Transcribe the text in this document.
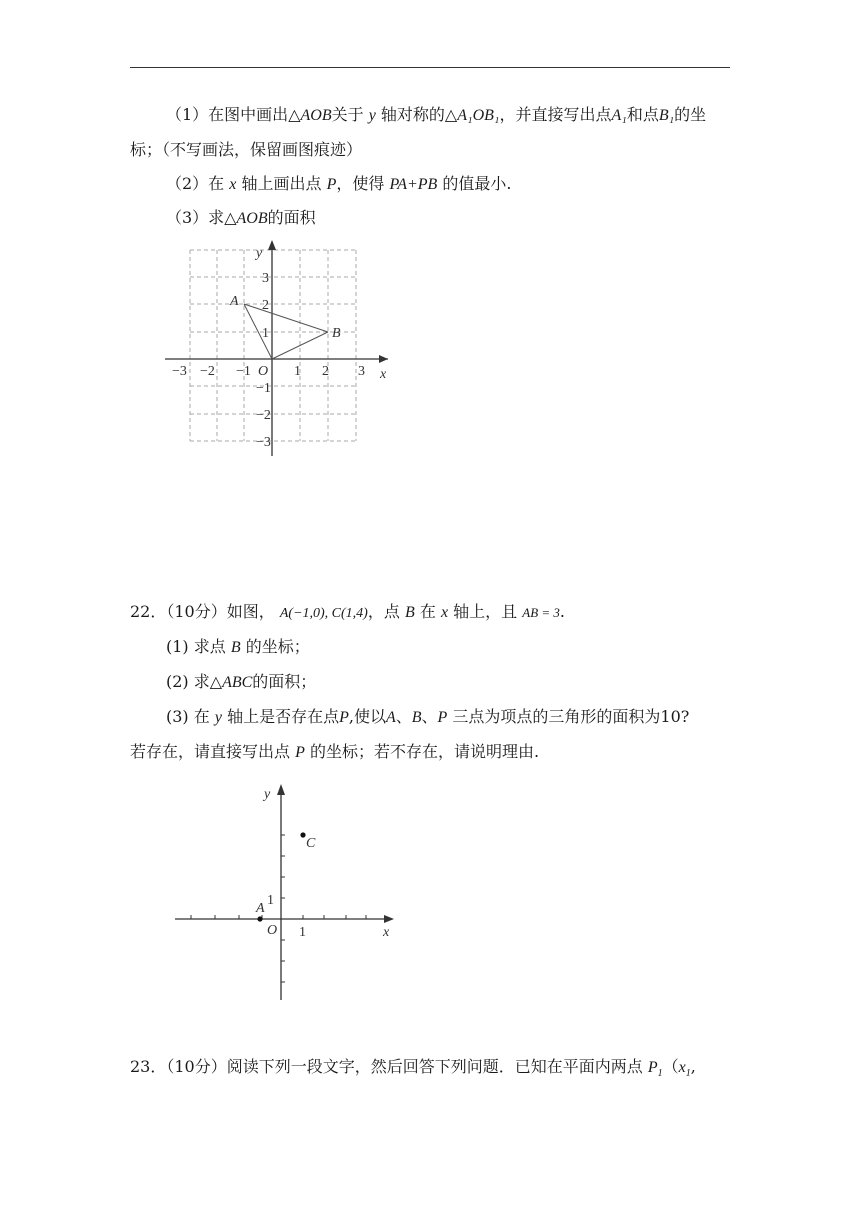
（1）在图中画出△AOB关于 y 轴对称的△A₁OB₁，并直接写出点A₁和点B₁的坐
标；（不写画法，保留画图痕迹）
（2）在 x 轴上画出点 P，使得 PA+PB 的值最小.
（3）求△AOB的面积
y
x
O
A
B
−3 −2 −1	1 2 3
1
2
3
−1
−2
−3
22．（10分）如图， A(−1,0), C(1,4)，点 B 在 x 轴上，且 AB = 3.
(1) 求点 B 的坐标；
(2) 求△ABC的面积；
(3) 在 y 轴上是否存在点P,使以A、B、P 三点为项点的三角形的面积为10?
若存在，请直接写出点 P 的坐标；若不存在，请说明理由.
y
x
O
A
C
1
1
23．（10分）阅读下列一段文字，然后回答下列问题．已知在平面内两点 $P_1(x_1$,
